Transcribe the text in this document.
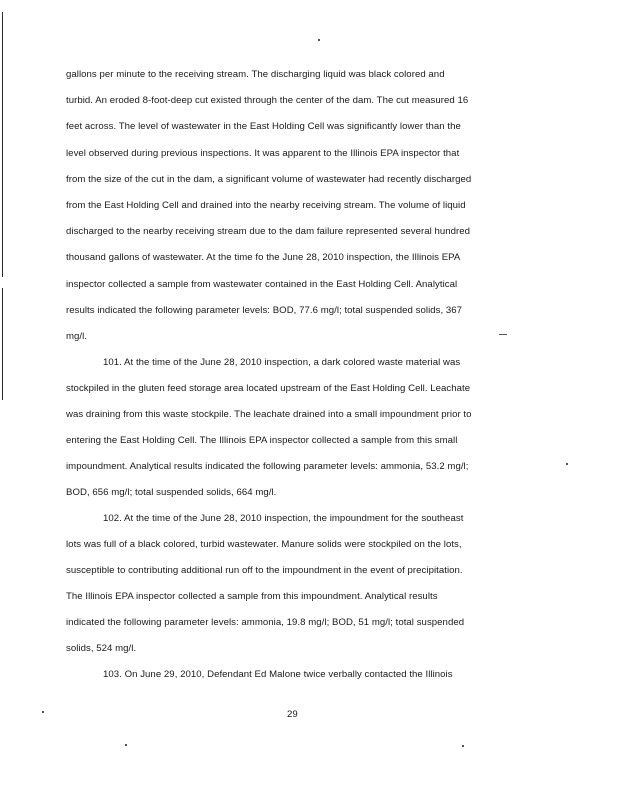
gallons per minute to the receiving stream. The discharging liquid was black colored and
turbid. An eroded 8-foot-deep cut existed through the center of the dam. The cut measured 16
feet across. The level of wastewater in the East Holding Cell was significantly lower than the
level observed during previous inspections. It was apparent to the Illinois EPA inspector that
from the size of the cut in the dam, a significant volume of wastewater had recently discharged
from the East Holding Cell and drained into the nearby receiving stream. The volume of liquid
discharged to the nearby receiving stream due to the dam failure represented several hundred
thousand gallons of wastewater. At the time fo the June 28, 2010 inspection, the Illinois EPA
inspector collected a sample from wastewater contained in the East Holding Cell. Analytical
results indicated the following parameter levels: BOD, 77.6 mg/l; total suspended solids, 367
mg/l.
101. At the time of the June 28, 2010 inspection, a dark colored waste material was
stockpiled in the gluten feed storage area located upstream of the East Holding Cell. Leachate
was draining from this waste stockpile. The leachate drained into a small impoundment prior to
entering the East Holding Cell. The Illinois EPA inspector collected a sample from this small
impoundment. Analytical results indicated the following parameter levels: ammonia, 53.2 mg/l;
BOD, 656 mg/l; total suspended solids, 664 mg/l.
102. At the time of the June 28, 2010 inspection, the impoundment for the southeast
lots was full of a black colored, turbid wastewater. Manure solids were stockpiled on the lots,
susceptible to contributing additional run off to the impoundment in the event of precipitation.
The Illinois EPA inspector collected a sample from this impoundment. Analytical results
indicated the following parameter levels: ammonia, 19.8 mg/l; BOD, 51 mg/l; total suspended
solids, 524 mg/l.
103. On June 29, 2010, Defendant Ed Malone twice verbally contacted the Illinois
29
